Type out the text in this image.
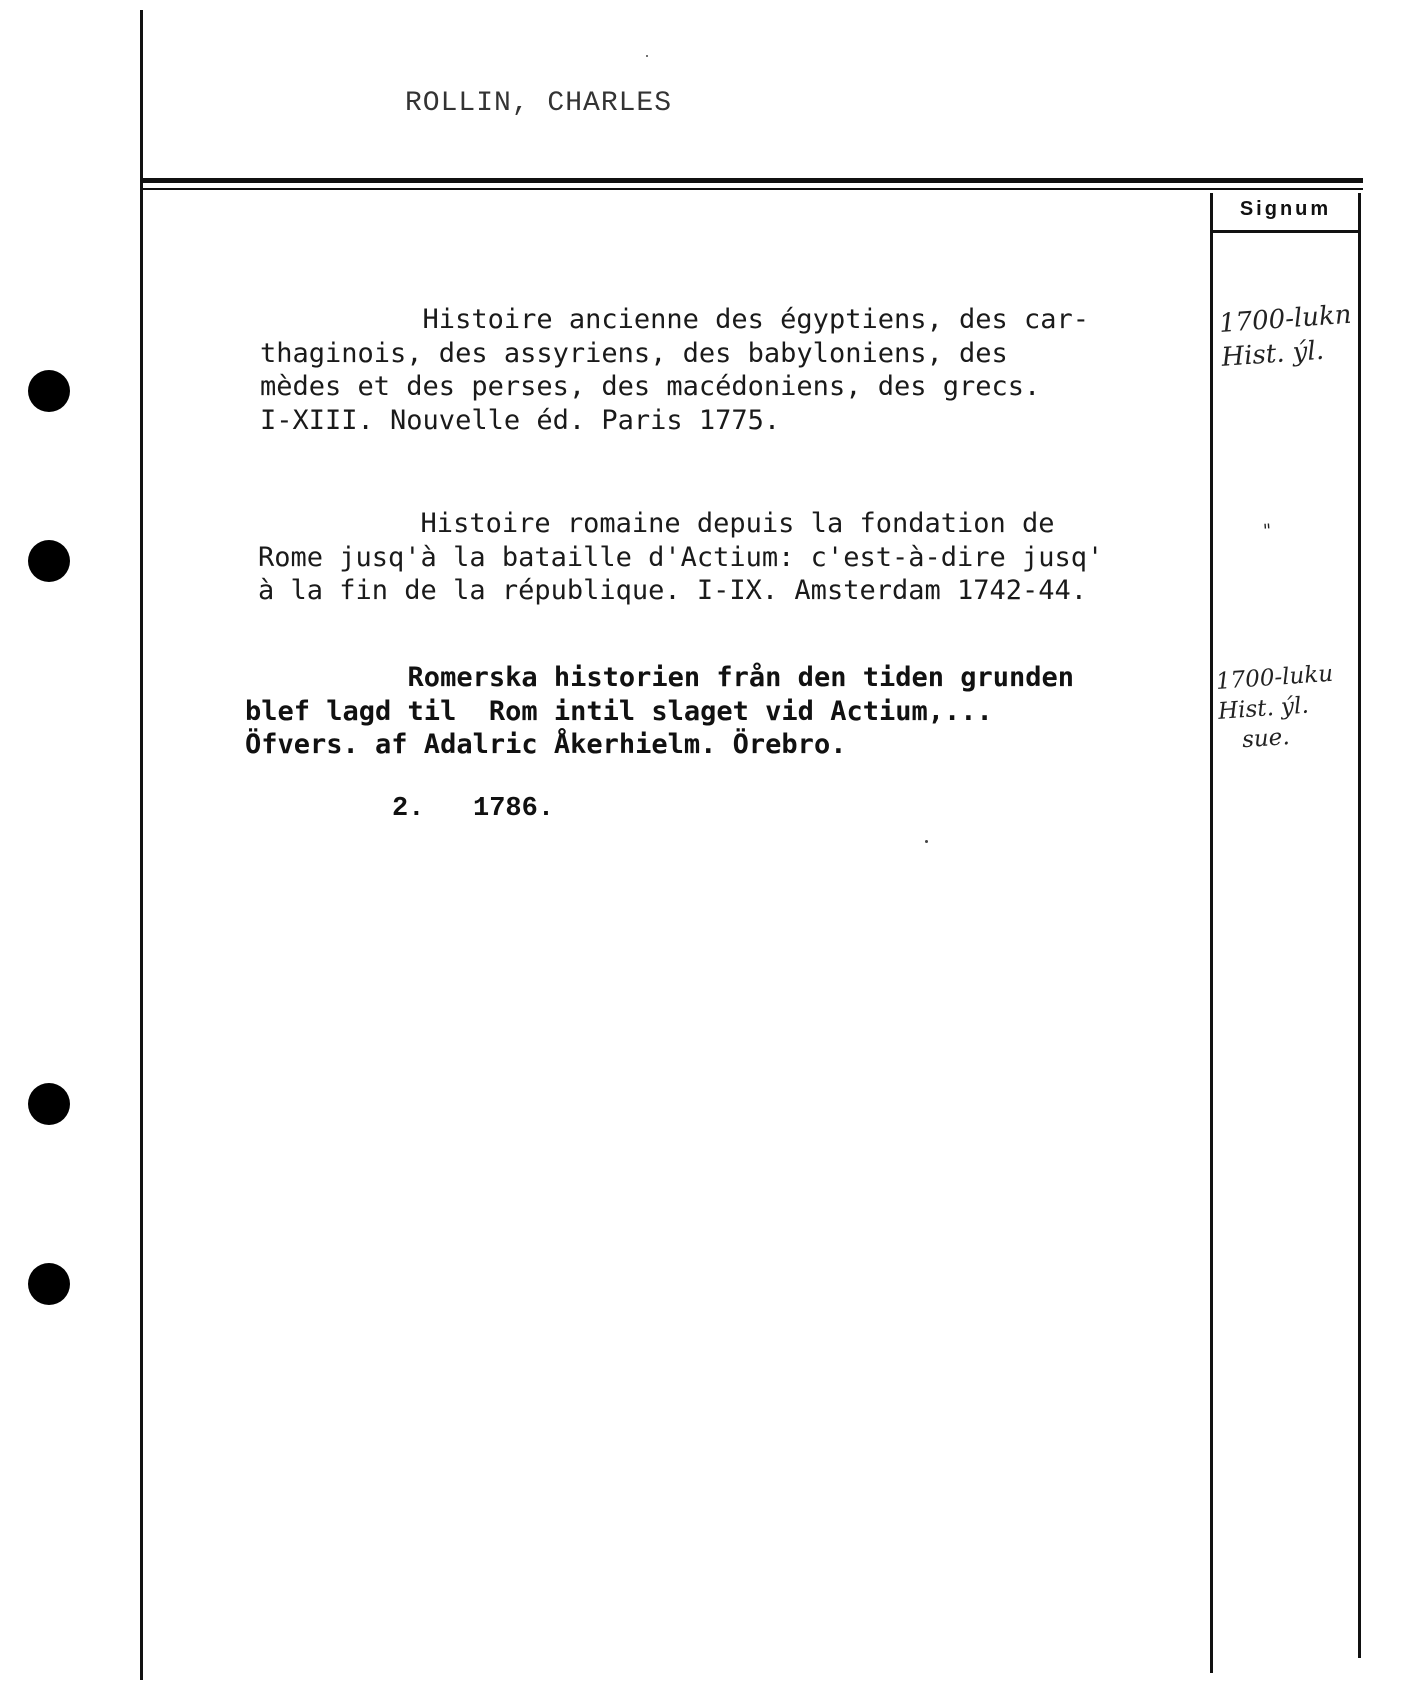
ROLLIN, CHARLES
Signum
Histoire ancienne des égyptiens, des car-
thaginois, des assyriens, des babyloniens, des
mèdes et des perses, des macédoniens, des grecs.
I-XIII. Nouvelle éd. Paris 1775.
Histoire romaine depuis la fondation de
Rome jusq'à la bataille d'Actium: c'est-à-dire jusq'
à la fin de la république. I-IX. Amsterdam 1742-44.
Romerska historien från den tiden grunden
blef lagd til  Rom intil slaget vid Actium,...
Öfvers. af Adalric Åkerhielm. Örebro.
2.   1786.
1700-lukn
Hist. ýl.
"
1700-luku
Hist. ýl.
sue.
